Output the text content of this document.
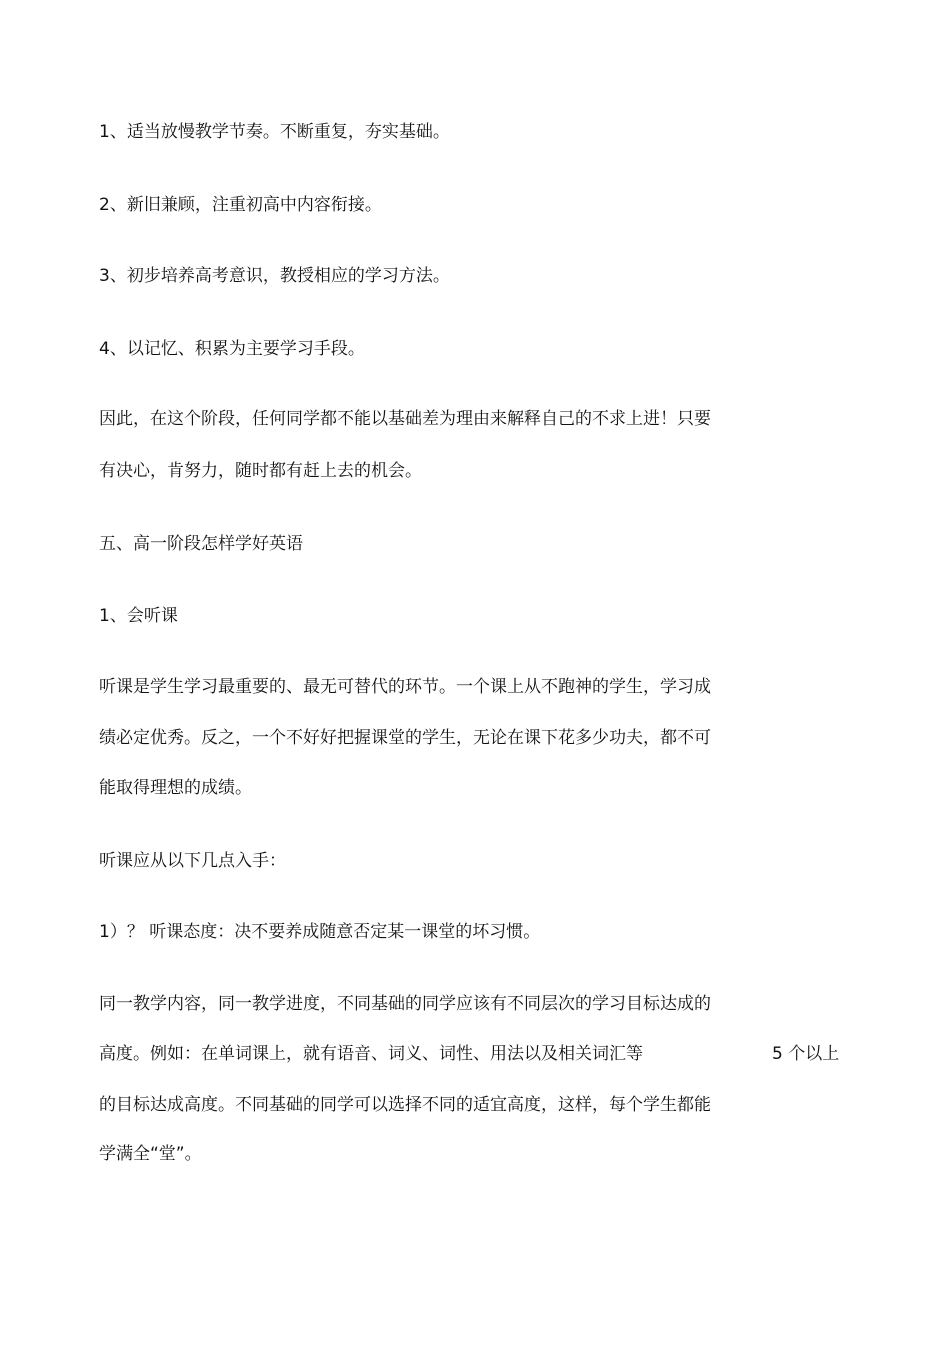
1、适当放慢教学节奏。不断重复，夯实基础。
2、新旧兼顾，注重初高中内容衔接。
3、初步培养高考意识，教授相应的学习方法。
4、以记忆、积累为主要学习手段。
因此，在这个阶段，任何同学都不能以基础差为理由来解释自己的不求上进！只要
有决心，肯努力，随时都有赶上去的机会。
五、高一阶段怎样学好英语
1、会听课
听课是学生学习最重要的、最无可替代的环节。一个课上从不跑神的学生，学习成
绩必定优秀。反之，一个不好好把握课堂的学生，无论在课下花多少功夫，都不可
能取得理想的成绩。
听课应从以下几点入手：
1）？ 听课态度：决不要养成随意否定某一课堂的坏习惯。
同一教学内容，同一教学进度，不同基础的同学应该有不同层次的学习目标达成的
高度。例如：在单词课上，就有语音、词义、词性、用法以及相关词汇等	5 个以上
的目标达成高度。不同基础的同学可以选择不同的适宜高度，这样，每个学生都能
学满全“堂”。
